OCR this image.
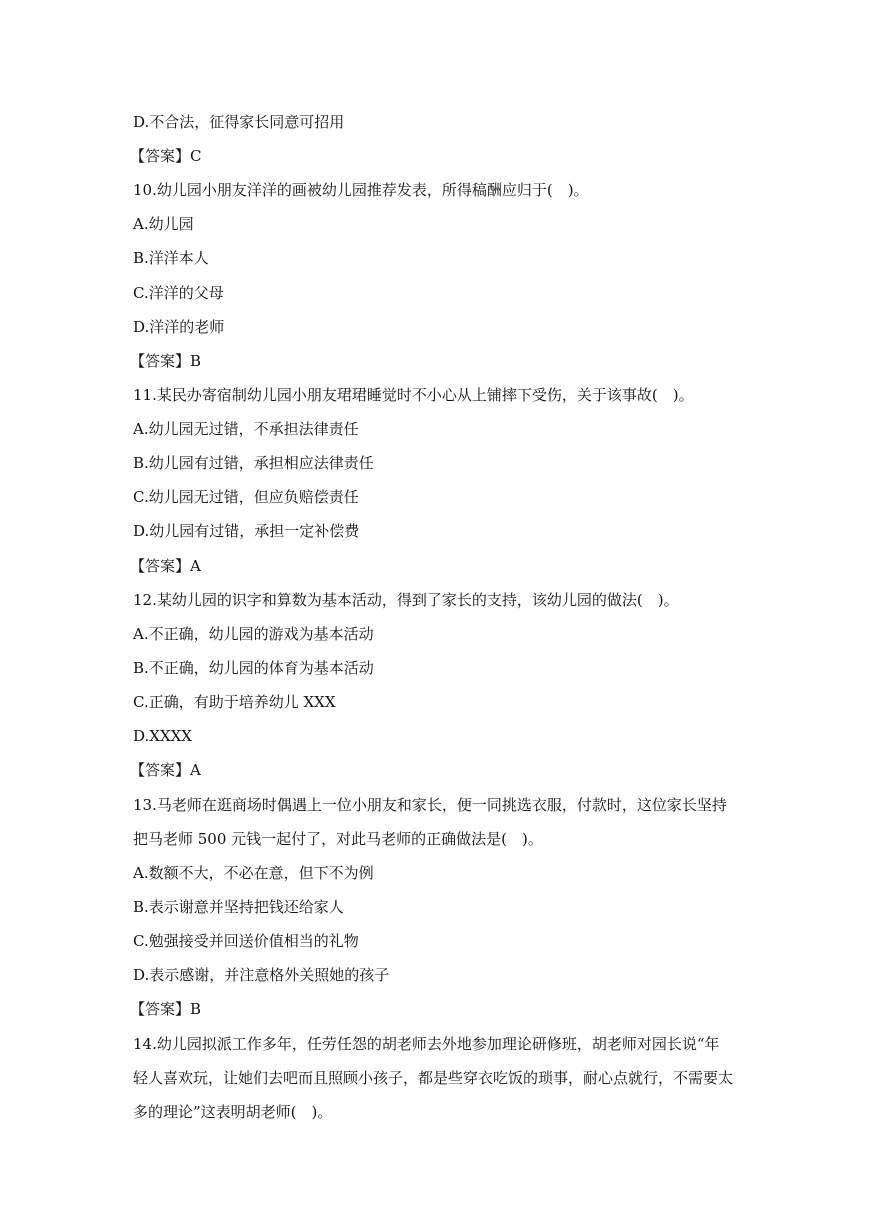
D.不合法，征得家长同意可招用
【答案】C
10.幼儿园小朋友洋洋的画被幼儿园推荐发表，所得稿酬应归于(　)。
A.幼儿园
B.洋洋本人
C.洋洋的父母
D.洋洋的老师
【答案】B
11.某民办寄宿制幼儿园小朋友珺珺睡觉时不小心从上铺摔下受伤，关于该事故(　)。
A.幼儿园无过错，不承担法律责任
B.幼儿园有过错，承担相应法律责任
C.幼儿园无过错，但应负赔偿责任
D.幼儿园有过错，承担一定补偿费
【答案】A
12.某幼儿园的识字和算数为基本活动，得到了家长的支持，该幼儿园的做法(　)。
A.不正确，幼儿园的游戏为基本活动
B.不正确，幼儿园的体育为基本活动
C.正确，有助于培养幼儿 XXX
D.XXXX
【答案】A
13.马老师在逛商场时偶遇上一位小朋友和家长，便一同挑选衣服，付款时，这位家长坚持
把马老师 500 元钱一起付了，对此马老师的正确做法是(　)。
A.数额不大，不必在意，但下不为例
B.表示谢意并坚持把钱还给家人
C.勉强接受并回送价值相当的礼物
D.表示感谢，并注意格外关照她的孩子
【答案】B
14.幼儿园拟派工作多年，任劳任怨的胡老师去外地参加理论研修班，胡老师对园长说“年
轻人喜欢玩，让她们去吧而且照顾小孩子，都是些穿衣吃饭的琐事，耐心点就行，不需要太
多的理论”这表明胡老师(　)。
